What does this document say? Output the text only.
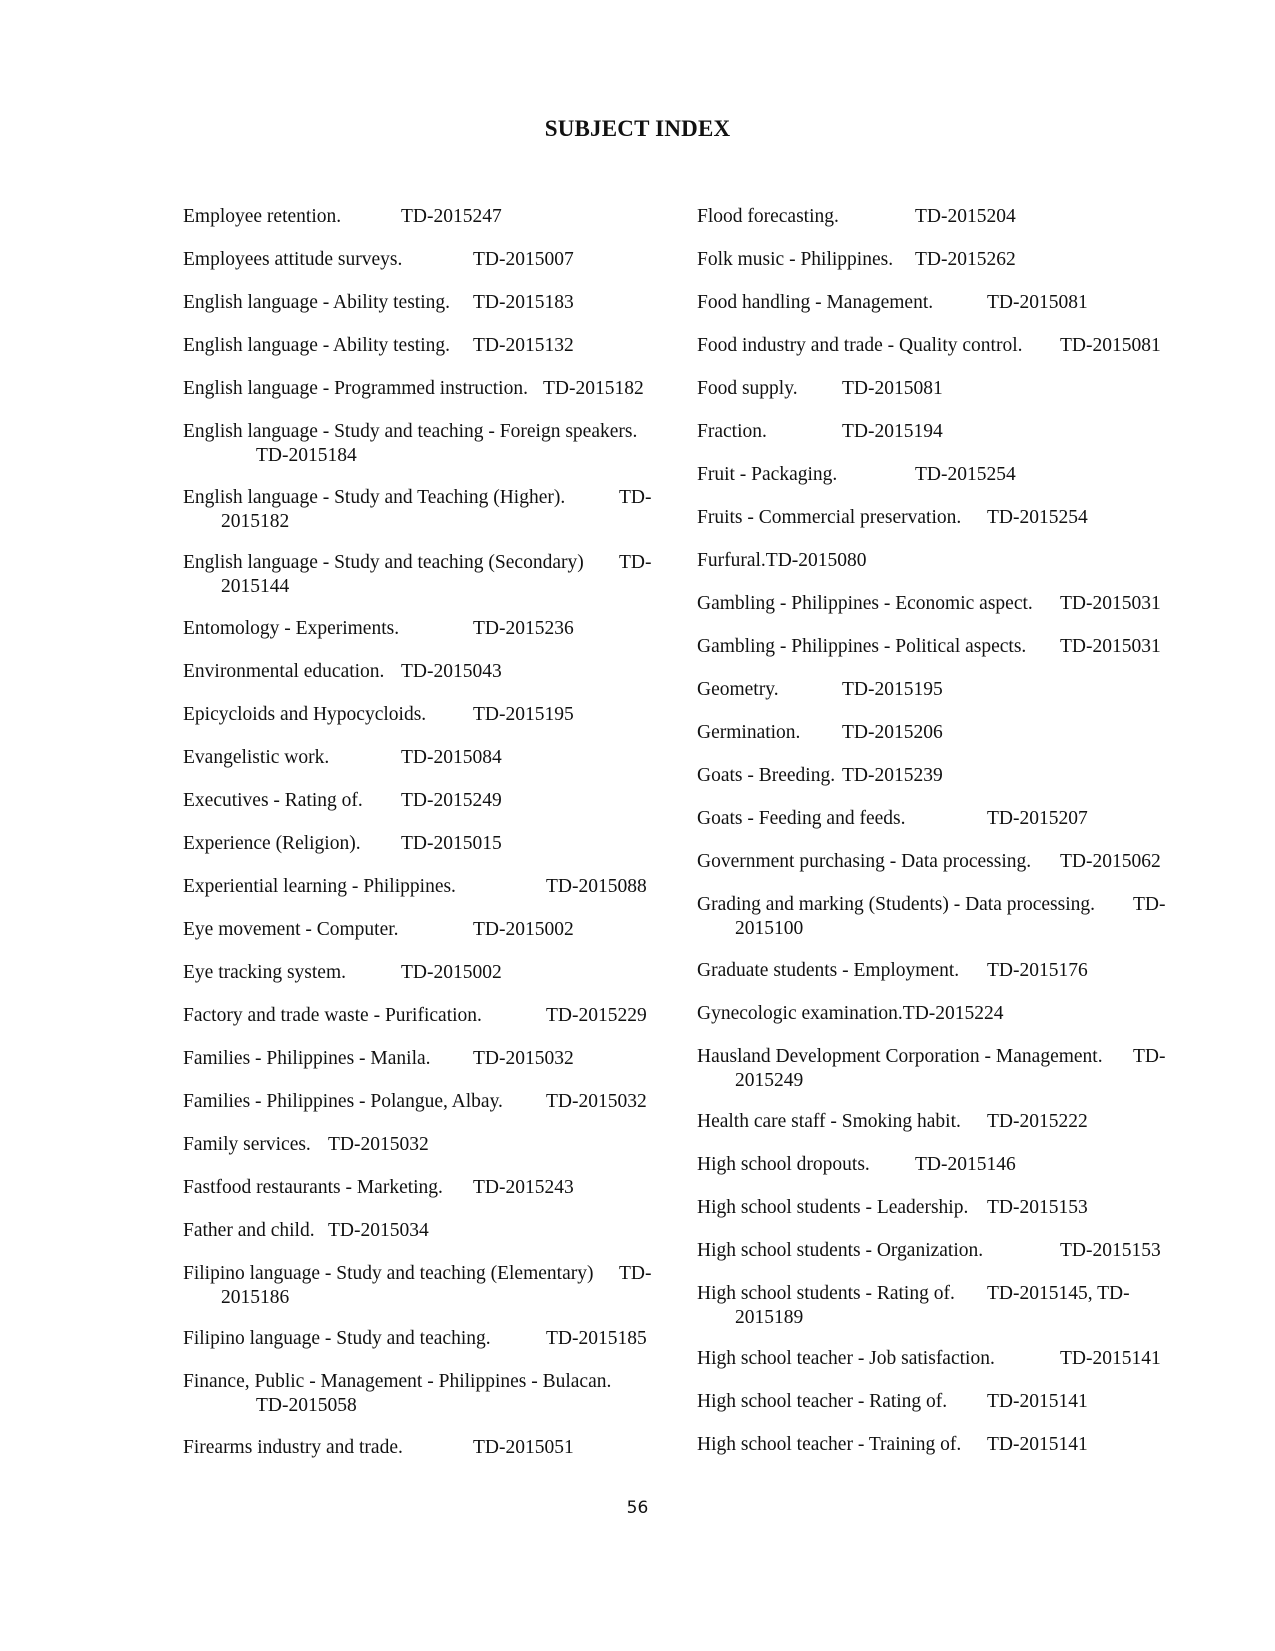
SUBJECT INDEX
Employee retention.	TD-2015247
Employees attitude surveys.	TD-2015007
English language - Ability testing. TD-2015183
English language - Ability testing. TD-2015132
English language - Programmed instruction. TD-2015182
English language - Study and teaching - Foreign speakers.
TD-2015184
English language - Study and Teaching (Higher).	TD-
2015182
English language - Study and teaching (Secondary) TD-
2015144
Entomology - Experiments.	TD-2015236
Environmental education. TD-2015043
Epicycloids and Hypocycloids. TD-2015195
Evangelistic work.	TD-2015084
Executives - Rating of. TD-2015249
Experience (Religion). TD-2015015
Experiential learning - Philippines.	TD-2015088
Eye movement - Computer.	TD-2015002
Eye tracking system.	TD-2015002
Factory and trade waste - Purification.	TD-2015229
Families - Philippines - Manila. TD-2015032
Families - Philippines - Polangue, Albay. TD-2015032
Family services. TD-2015032
Fastfood restaurants - Marketing. TD-2015243
Father and child. TD-2015034
Filipino language - Study and teaching (Elementary) TD-
2015186
Filipino language - Study and teaching.	TD-2015185
Finance, Public - Management - Philippines - Bulacan.
TD-2015058
Firearms industry and trade.	TD-2015051
Flood forecasting.	TD-2015204
Folk music - Philippines. TD-2015262
Food handling - Management.	TD-2015081
Food industry and trade - Quality control. TD-2015081
Food supply. TD-2015081
Fraction.	TD-2015194
Fruit - Packaging.	TD-2015254
Fruits - Commercial preservation. TD-2015254
Furfural.TD-2015080
Gambling - Philippines - Economic aspect. TD-2015031
Gambling - Philippines - Political aspects. TD-2015031
Geometry.	TD-2015195
Germination. TD-2015206
Goats - Breeding. TD-2015239
Goats - Feeding and feeds.	TD-2015207
Government purchasing - Data processing. TD-2015062
Grading and marking (Students) - Data processing. TD-
2015100
Graduate students - Employment. TD-2015176
Gynecologic examination.TD-2015224
Hausland Development Corporation - Management. TD-
2015249
Health care staff - Smoking habit. TD-2015222
High school dropouts. TD-2015146
High school students - Leadership. TD-2015153
High school students - Organization.	TD-2015153
High school students - Rating of. TD-2015145, TD-
2015189
High school teacher - Job satisfaction.	TD-2015141
High school teacher - Rating of. TD-2015141
High school teacher - Training of. TD-2015141
56
